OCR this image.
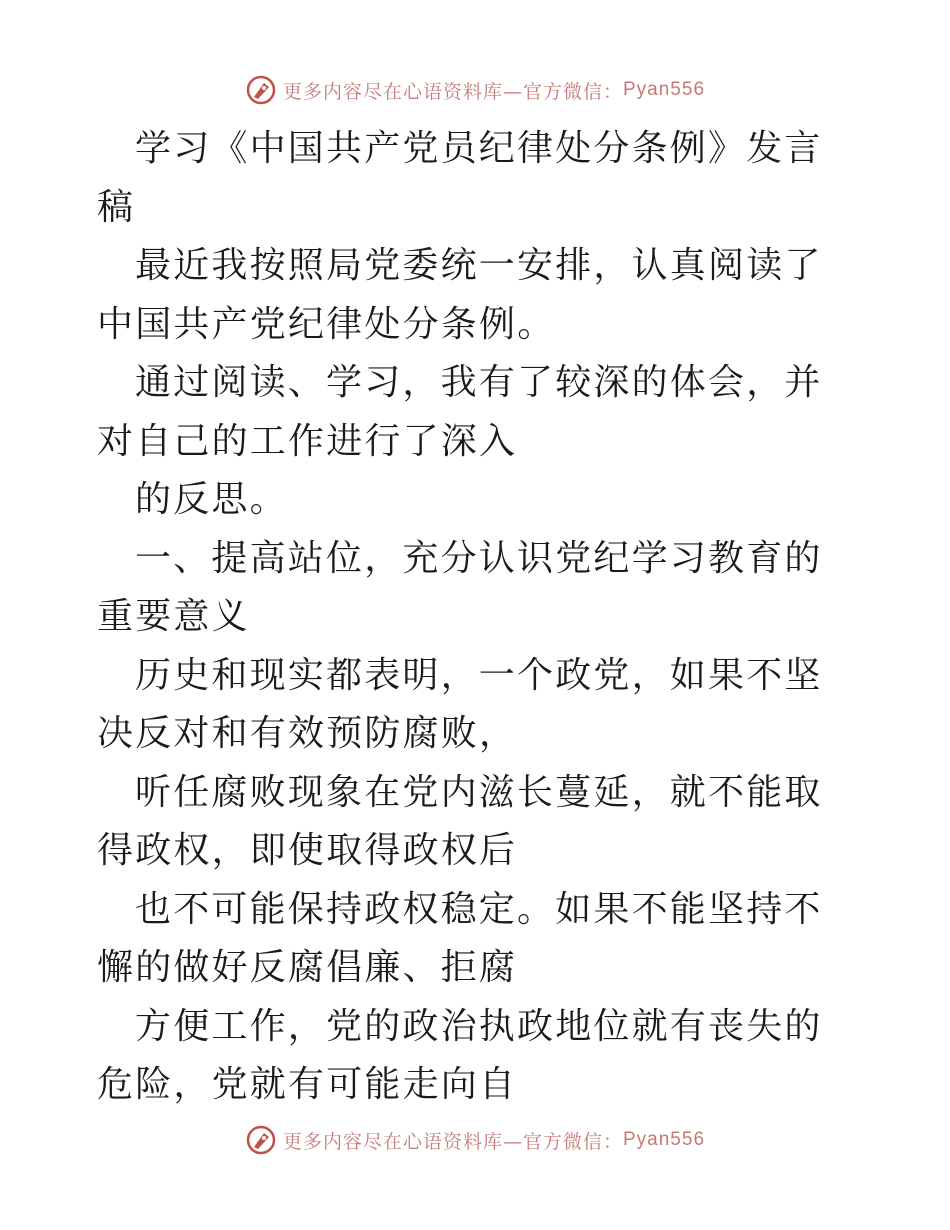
更多内容尽在心语资料库—官方微信： Pyan556

学习《中国共产党员纪律处分条例》发言稿

最近我按照局党委统一安排，认真阅读了中国共产党纪律处分条例。

通过阅读、学习，我有了较深的体会，并对自己的工作进行了深入

的反思。

一、提高站位，充分认识党纪学习教育的重要意义

历史和现实都表明，一个政党，如果不坚决反对和有效预防腐败，

听任腐败现象在党内滋长蔓延，就不能取得政权，即使取得政权后

也不可能保持政权稳定。如果不能坚持不懈的做好反腐倡廉、拒腐

方便工作，党的政治执政地位就有丧失的危险，党就有可能走向自

更多内容尽在心语资料库—官方微信： Pyan556
